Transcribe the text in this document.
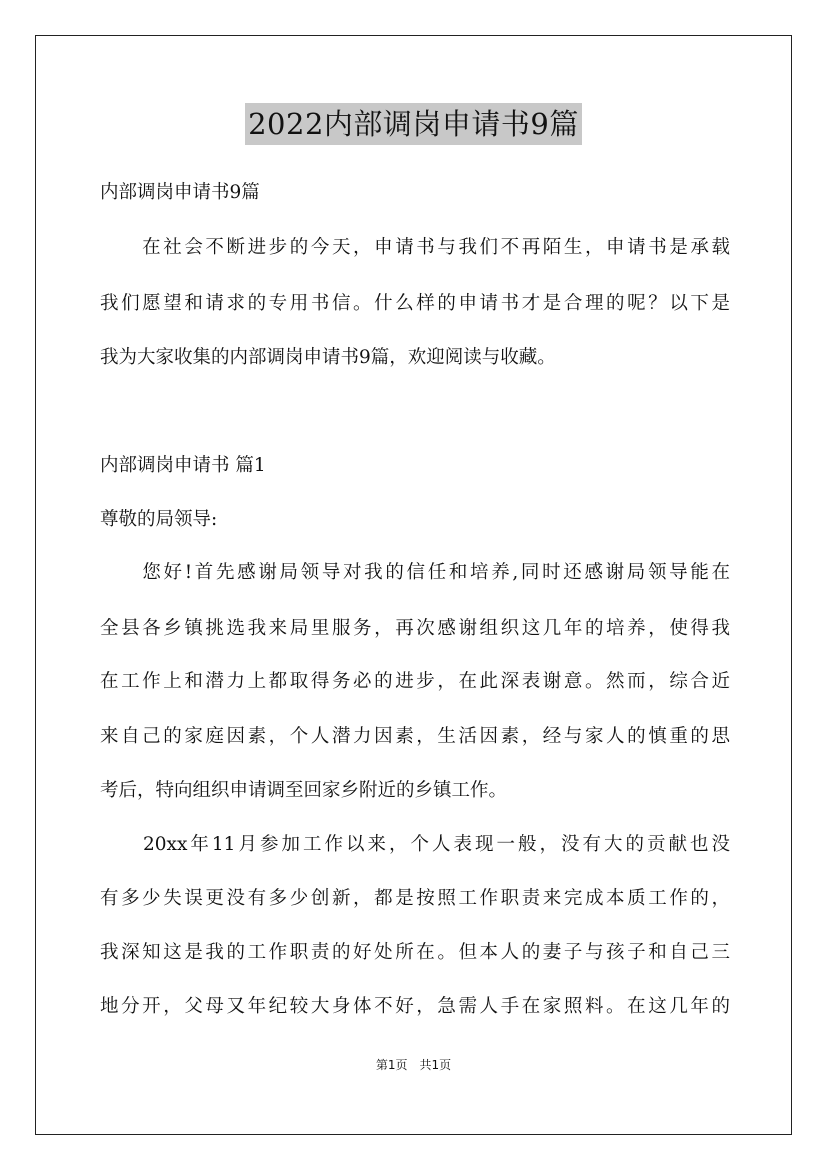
2022内部调岗申请书9篇
内部调岗申请书9篇
　　在社会不断进步的今天，申请书与我们不再陌生，申请书是承载
我们愿望和请求的专用书信。什么样的申请书才是合理的呢？以下是
我为大家收集的内部调岗申请书9篇，欢迎阅读与收藏。
内部调岗申请书 篇1
尊敬的局领导:
　　您好!首先感谢局领导对我的信任和培养,同时还感谢局领导能在
全县各乡镇挑选我来局里服务，再次感谢组织这几年的培养，使得我
在工作上和潜力上都取得务必的进步，在此深表谢意。然而，综合近
来自己的家庭因素，个人潜力因素，生活因素，经与家人的慎重的思
考后，特向组织申请调至回家乡附近的乡镇工作。
　　20xx年11月参加工作以来，个人表现一般，没有大的贡献也没
有多少失误更没有多少创新，都是按照工作职责来完成本质工作的，
我深知这是我的工作职责的好处所在。但本人的妻子与孩子和自己三
地分开，父母又年纪较大身体不好，急需人手在家照料。在这几年的
第1页　共1页
